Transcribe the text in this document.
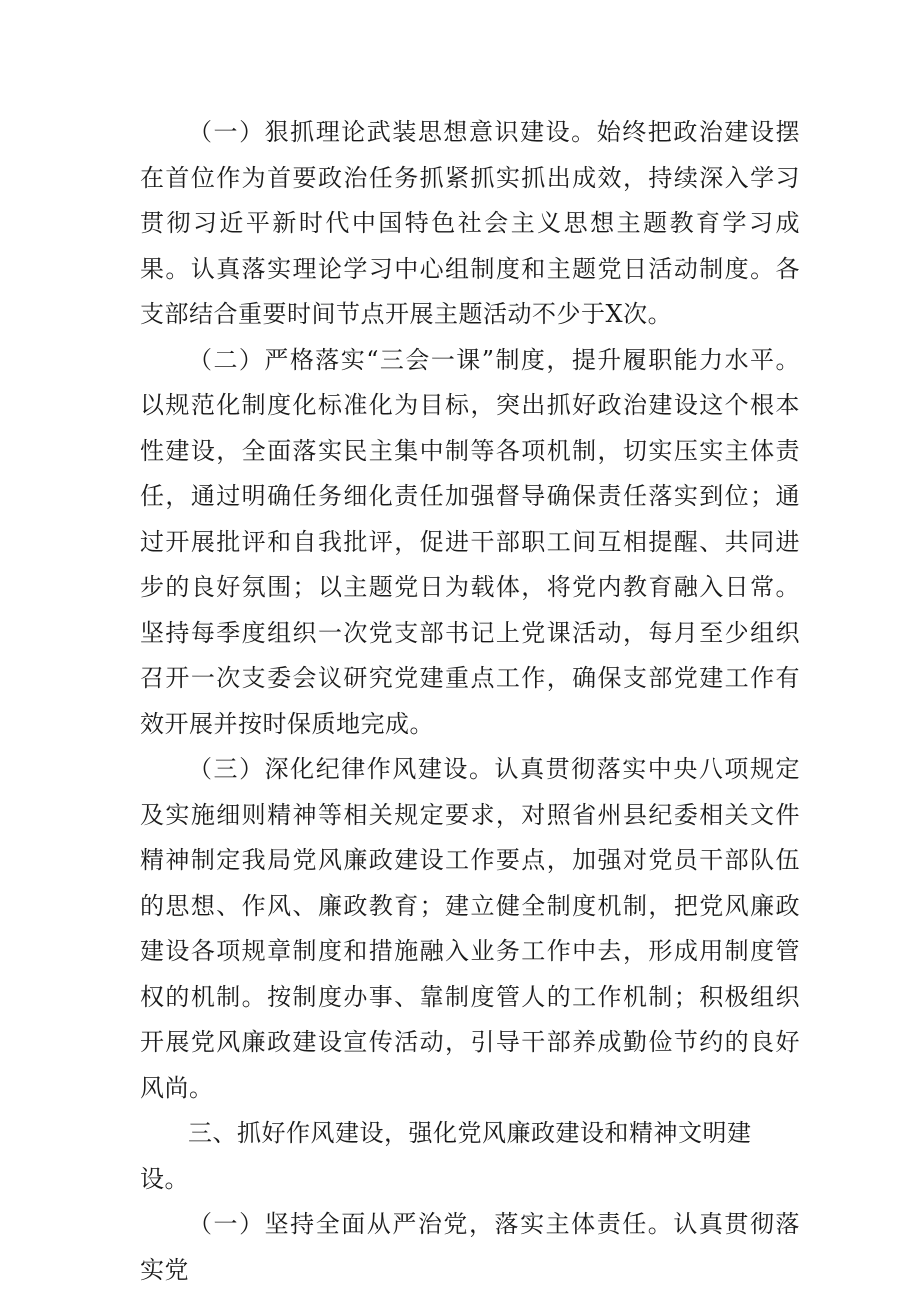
（一）狠抓理论武装思想意识建设。始终把政治建设摆在首位作为首要政治任务抓紧抓实抓出成效，持续深入学习贯彻习近平新时代中国特色社会主义思想主题教育学习成果。认真落实理论学习中心组制度和主题党日活动制度。各支部结合重要时间节点开展主题活动不少于X次。

（二）严格落实“三会一课”制度，提升履职能力水平。以规范化制度化标准化为目标，突出抓好政治建设这个根本性建设，全面落实民主集中制等各项机制，切实压实主体责任，通过明确任务细化责任加强督导确保责任落实到位；通过开展批评和自我批评，促进干部职工间互相提醒、共同进步的良好氛围；以主题党日为载体，将党内教育融入日常。坚持每季度组织一次党支部书记上党课活动，每月至少组织召开一次支委会议研究党建重点工作，确保支部党建工作有效开展并按时保质地完成。

（三）深化纪律作风建设。认真贯彻落实中央八项规定及实施细则精神等相关规定要求，对照省州县纪委相关文件精神制定我局党风廉政建设工作要点，加强对党员干部队伍的思想、作风、廉政教育；建立健全制度机制，把党风廉政建设各项规章制度和措施融入业务工作中去，形成用制度管权的机制。按制度办事、靠制度管人的工作机制；积极组织开展党风廉政建设宣传活动，引导干部养成勤俭节约的良好风尚。

三、抓好作风建设，强化党风廉政建设和精神文明建设。

（一）坚持全面从严治党，落实主体责任。认真贯彻落实党
